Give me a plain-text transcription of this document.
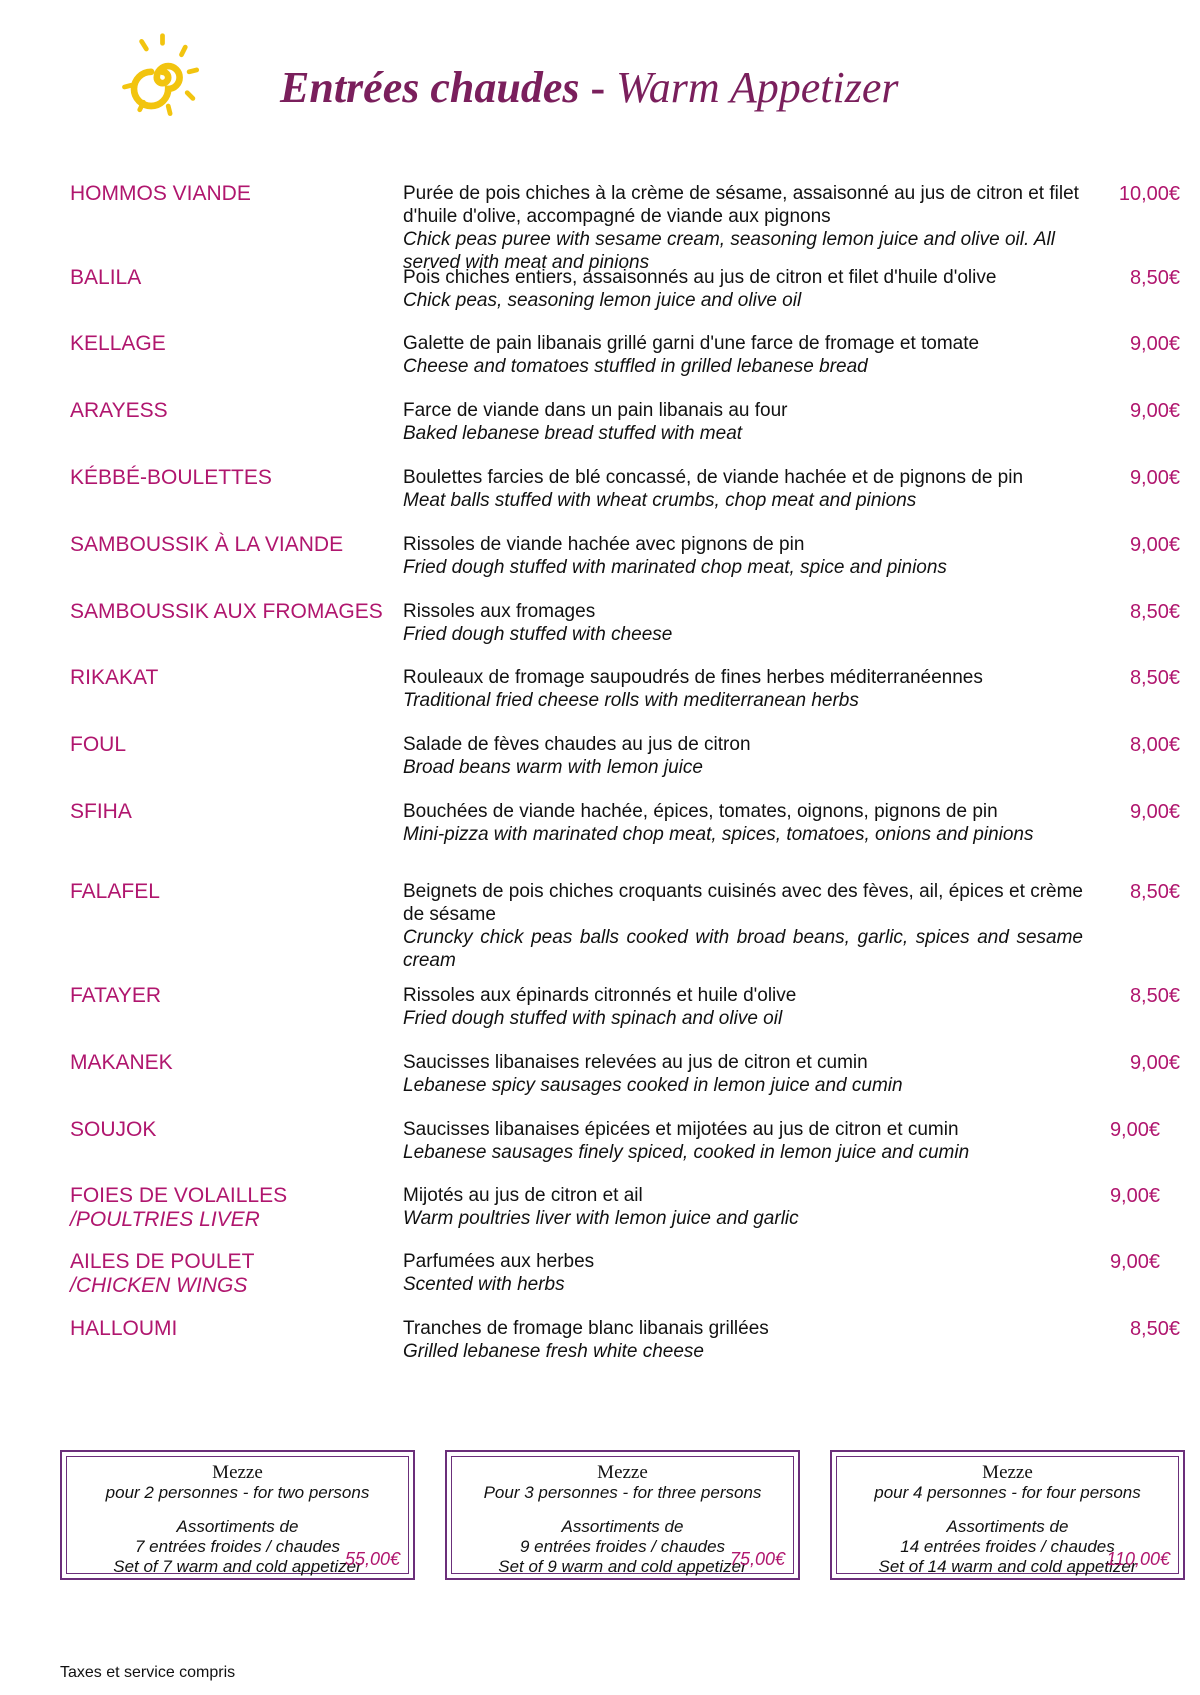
Entrées chaudes - Warm Appetizer
HOMMOS VIANDE	Purée de pois chiches à la crème de sésame, assaisonné au jus de citron et filet d'huile d'olive, accompagné de viande aux pignons
Chick peas puree with sesame cream, seasoning lemon juice and olive oil. All served with meat and pinions
10,00€
BALILA	Pois chiches entiers, assaisonnés au jus de citron et filet d'huile d'olive
Chick peas, seasoning lemon juice and olive oil
8,50€
KELLAGE	Galette de pain libanais grillé garni d'une farce de fromage et tomate
Cheese and tomatoes stuffled in grilled lebanese bread
9,00€
ARAYESS	Farce de viande dans un pain libanais au four
Baked lebanese bread stuffed with meat
9,00€
KÉBBÉ-BOULETTES	Boulettes farcies de blé concassé, de viande hachée et de pignons de pin
Meat balls stuffed with wheat crumbs, chop meat and pinions
9,00€
SAMBOUSSIK À LA VIANDE	Rissoles de viande hachée avec pignons de pin
Fried dough stuffed with marinated chop meat, spice and pinions
9,00€
SAMBOUSSIK AUX FROMAGES	Rissoles aux fromages
Fried dough stuffed with cheese
8,50€
RIKAKAT	Rouleaux de fromage saupoudrés de fines herbes méditerranéennes
Traditional fried cheese rolls with mediterranean herbs
8,50€
FOUL	Salade de fèves chaudes au jus de citron
Broad beans warm with lemon juice
8,00€
SFIHA	Bouchées de viande hachée, épices, tomates, oignons, pignons de pin
Mini-pizza with marinated chop meat, spices, tomatoes, onions and pinions
9,00€
FALAFEL	Beignets de pois chiches croquants cuisinés avec des fèves, ail, épices et crème de sésame
Cruncky chick peas balls cooked with broad beans, garlic, spices and sesame cream
8,50€
FATAYER	Rissoles aux épinards citronnés et huile d'olive
Fried dough stuffed with spinach and olive oil
8,50€
MAKANEK	Saucisses libanaises relevées au jus de citron et cumin
Lebanese spicy sausages cooked in lemon juice and cumin
9,00€
SOUJOK	Saucisses libanaises épicées et mijotées au jus de citron et cumin
Lebanese sausages finely spiced, cooked in lemon juice and cumin
9,00€
FOIES DE VOLAILLES
/POULTRIES LIVER
Mijotés au jus de citron et ail
Warm poultries liver with lemon juice and garlic
9,00€
AILES DE POULET
/CHICKEN WINGS
Parfumées aux herbes
Scented with herbs
9,00€
HALLOUMI	Tranches de fromage blanc libanais grillées
Grilled lebanese fresh white cheese
8,50€
Mezze
pour 2 personnes - for two persons
Assortiments de
7 entrées froides / chaudes
Set of 7 warm and cold appetizer
55,00€
Mezze
Pour 3 personnes - for three persons
Assortiments de
9 entrées froides / chaudes
Set of 9 warm and cold appetizer
75,00€
Mezze
pour 4 personnes - for four persons
Assortiments de
14 entrées froides / chaudes
Set of 14 warm and cold appetizer
110,00€
Taxes et service compris
